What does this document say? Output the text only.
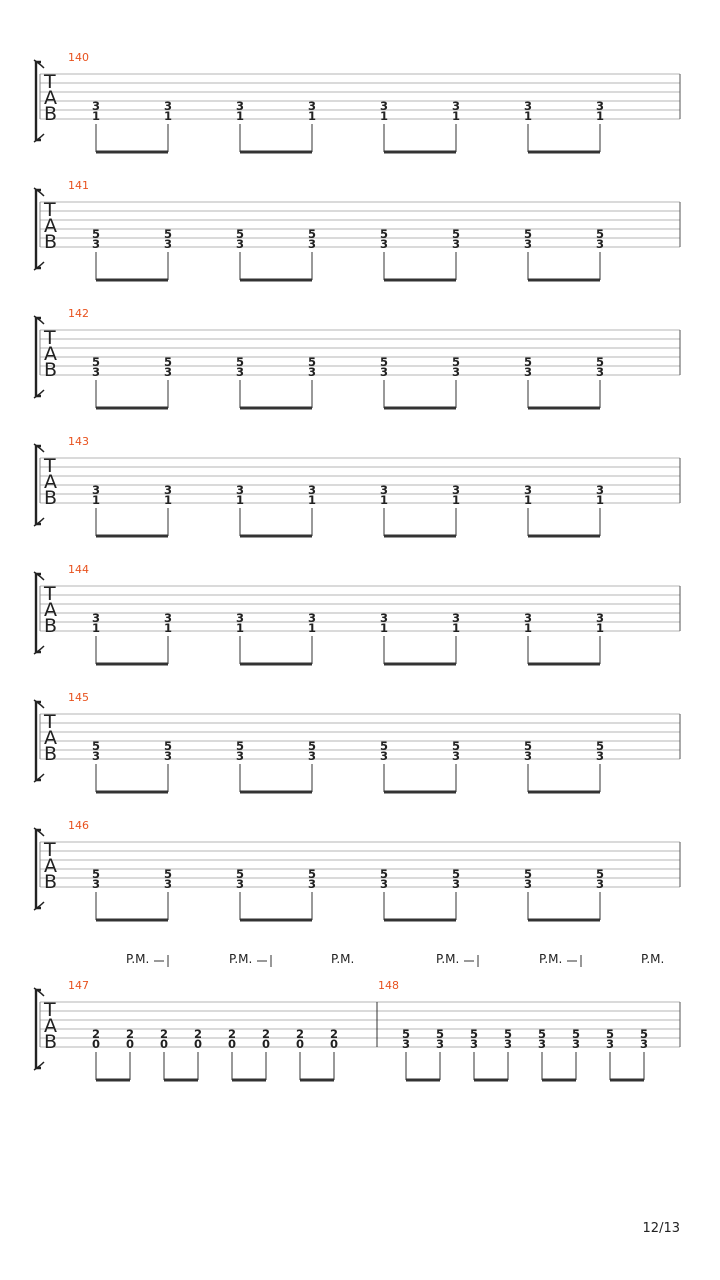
T
A
B
140
3
1
3
1
3
1
3
1
3
1
3
1
3
1
3
1
T
A
B
141
5
3
5
3
5
3
5
3
5
3
5
3
5
3
5
3
T
A
B
142
5
3
5
3
5
3
5
3
5
3
5
3
5
3
5
3
T
A
B
143
3
1
3
1
3
1
3
1
3
1
3
1
3
1
3
1
T
A
B
144
3
1
3
1
3
1
3
1
3
1
3
1
3
1
3
1
T
A
B
145
5
3
5
3
5
3
5
3
5
3
5
3
5
3
5
3
T
A
B
146
5
3
5
3
5
3
5
3
5
3
5
3
5
3
5
3
T
A
B
147
2
0
2
0
2
0
2
0
2
0
2
0
2
0
2
0
148
5
3
5
3
5
3
5
3
5
3
5
3
5
3
5
3
P.M.	P.M.	P.M.	P.M.	P.M.	P.M.
12/13
